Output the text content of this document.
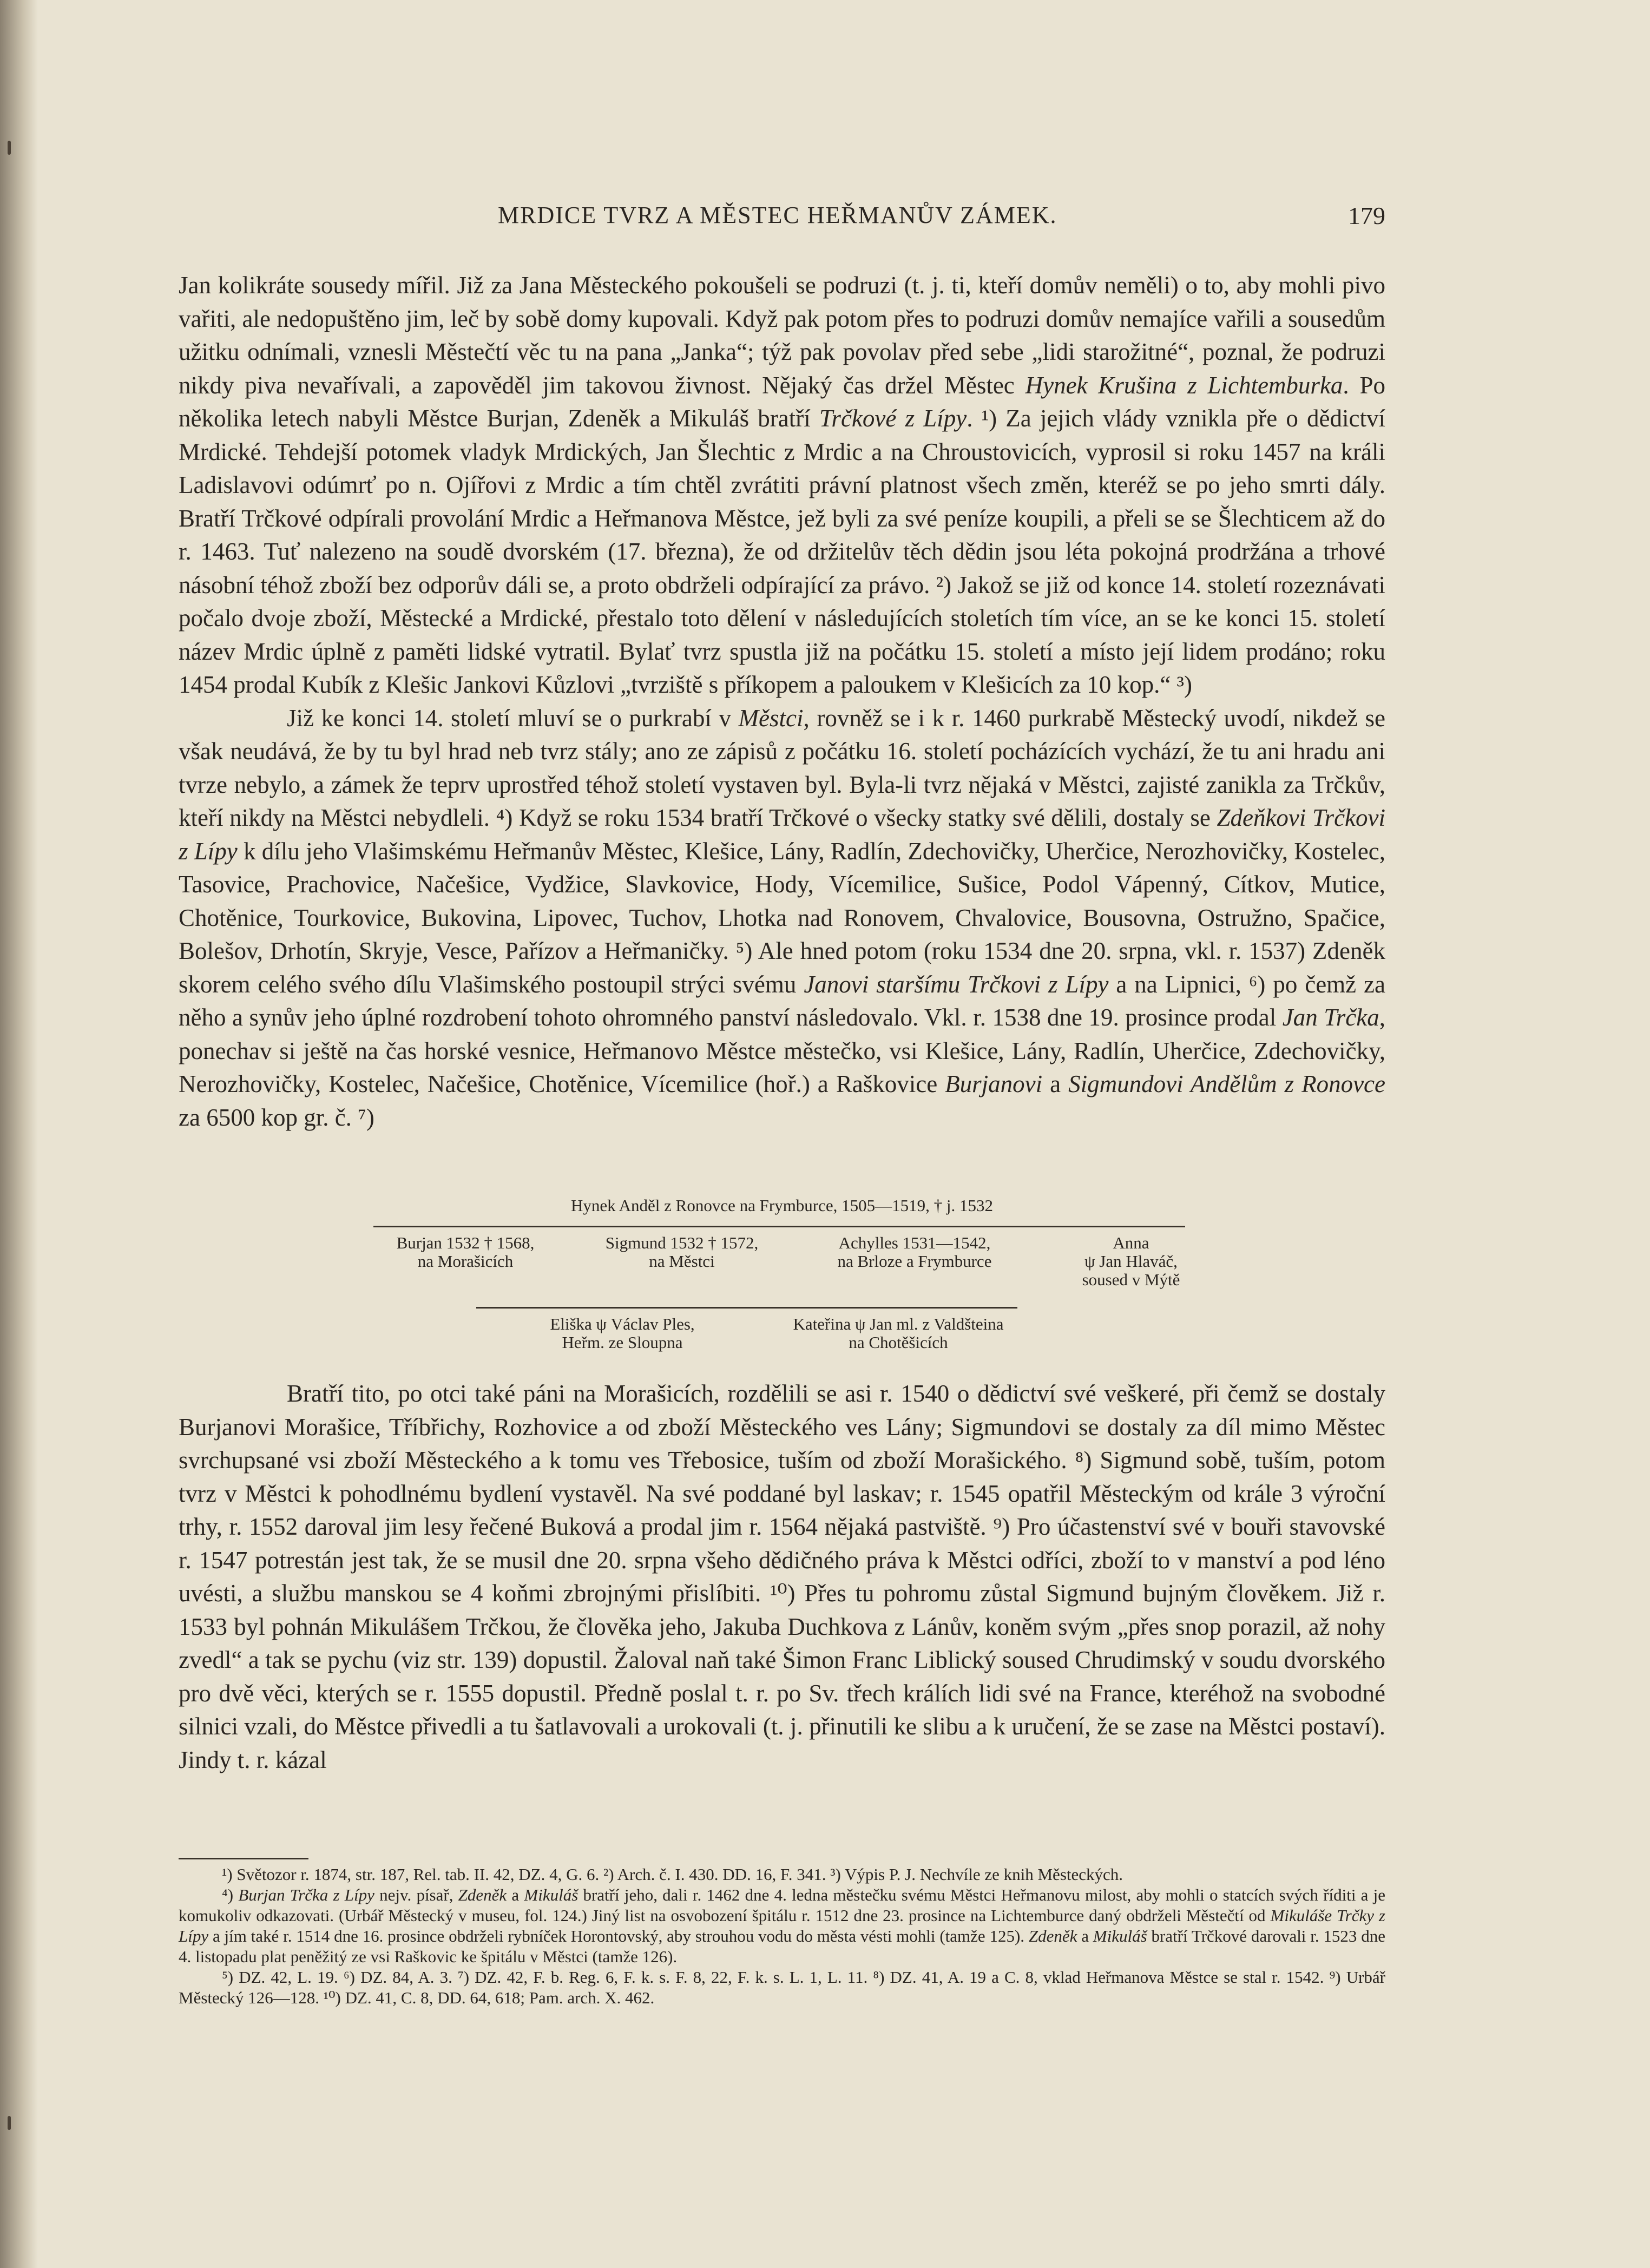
MRDICE TVRZ A MĚSTEC HEŘMANŮV ZÁMEK.	179

Jan kolikráte sousedy mířil. Již za Jana Městeckého pokoušeli se podruzi (t. j. ti, kteří domův neměli) o to, aby mohli pivo vařiti, ale nedopuštěno jim, leč by sobě domy kupovali. Když pak potom přes to podruzi domův nemajíce vařili a sousedům užitku odnímali, vznesli Městečtí věc tu na pana „Janka“; týž pak povolav před sebe „lidi starožitné“, poznal, že podruzi nikdy piva nevařívali, a zapověděl jim takovou živnost. Nějaký čas držel Městec Hynek Krušina z Lichtemburka. Po několika letech nabyli Městce Burjan, Zdeněk a Mikuláš bratří Trčkové z Lípy. ¹) Za jejich vlády vznikla pře o dědictví Mrdické. Tehdejší potomek vladyk Mrdických, Jan Šlechtic z Mrdic a na Chroustovicích, vyprosil si roku 1457 na králi Ladislavovi odúmrť po n. Ojířovi z Mrdic a tím chtěl zvrátiti právní platnost všech změn, kteréž se po jeho smrti dály. Bratří Trčkové odpírali provolání Mrdic a Heřmanova Městce, jež byli za své peníze koupili, a přeli se se Šlechticem až do r. 1463. Tuť nalezeno na soudě dvorském (17. března), že od držitelův těch dědin jsou léta pokojná prodržána a trhové násobní téhož zboží bez odporův dáli se, a proto obdrželi odpírající za právo. ²) Jakož se již od konce 14. století rozeznávati počalo dvoje zboží, Městecké a Mrdické, přestalo toto dělení v následujících stoletích tím více, an se ke konci 15. století název Mrdic úplně z paměti lidské vytratil. Bylať tvrz spustla již na počátku 15. století a místo její lidem prodáno; roku 1454 prodal Kubík z Klešic Jankovi Kůzlovi „tvrziště s příkopem a paloukem v Klešicích za 10 kop.“ ³)

Již ke konci 14. století mluví se o purkrabí v Městci, rovněž se i k r. 1460 purkrabě Městecký uvodí, nikdež se však neudává, že by tu byl hrad neb tvrz stály; ano ze zápisů z počátku 16. století pocházících vychází, že tu ani hradu ani tvrze nebylo, a zámek že teprv uprostřed téhož století vystaven byl. Byla-li tvrz nějaká v Městci, zajisté zanikla za Trčkův, kteří nikdy na Městci nebydleli. ⁴) Když se roku 1534 bratří Trčkové o všecky statky své dělili, dostaly se Zdeňkovi Trčkovi z Lípy k dílu jeho Vlašimskému Heřmanův Městec, Klešice, Lány, Radlín, Zdechovičky, Uherčice, Nerozhovičky, Kostelec, Tasovice, Prachovice, Načešice, Vydžice, Slavkovice, Hody, Vícemilice, Sušice, Podol Vápenný, Cítkov, Mutice, Chotěnice, Tourkovice, Bukovina, Lipovec, Tuchov, Lhotka nad Ronovem, Chvalovice, Bousovna, Ostružno, Spačice, Bolešov, Drhotín, Skryje, Vesce, Pařízov a Heřmaničky. ⁵) Ale hned potom (roku 1534 dne 20. srpna, vkl. r. 1537) Zdeněk skorem celého svého dílu Vlašimského postoupil strýci svému Janovi staršímu Trčkovi z Lípy a na Lipnici, ⁶) po čemž za něho a synův jeho úplné rozdrobení tohoto ohromného panství následovalo. Vkl. r. 1538 dne 19. prosince prodal Jan Trčka, ponechav si ještě na čas horské vesnice, Heřmanovo Městce městečko, vsi Klešice, Lány, Radlín, Uherčice, Zdechovičky, Nerozhovičky, Kostelec, Načešice, Chotěnice, Vícemilice (hoř.) a Raškovice Burjanovi a Sigmundovi Andělům z Ronovce za 6500 kop gr. č. ⁷)

Hynek Anděl z Ronovce na Frymburce, 1505—1519, † j. 1532
Burjan 1532 † 1568,
na Morašicích
Sigmund 1532 † 1572,
na Městci
Achylles 1531—1542,
na Brloze a Frymburce
Anna
ψ Jan Hlaváč,
soused v Mýtě
Eliška ψ Václav Ples,
Heřm. ze Sloupna
Kateřina ψ Jan ml. z Valdšteina
na Chotěšicích

Bratří tito, po otci také páni na Morašicích, rozdělili se asi r. 1540 o dědictví své veškeré, při čemž se dostaly Burjanovi Morašice, Tříbřichy, Rozhovice a od zboží Městeckého ves Lány; Sigmundovi se dostaly za díl mimo Městec svrchupsané vsi zboží Městeckého a k tomu ves Třebosice, tuším od zboží Morašického. ⁸) Sigmund sobě, tuším, potom tvrz v Městci k pohodlnému bydlení vystavěl. Na své poddané byl laskav; r. 1545 opatřil Městeckým od krále 3 výroční trhy, r. 1552 daroval jim lesy řečené Buková a prodal jim r. 1564 nějaká pastviště. ⁹) Pro účastenství své v bouři stavovské r. 1547 potrestán jest tak, že se musil dne 20. srpna všeho dědičného práva k Městci odříci, zboží to v manství a pod léno uvésti, a službu manskou se 4 koňmi zbrojnými přislíbiti. ¹⁰) Přes tu pohromu zůstal Sigmund bujným člověkem. Již r. 1533 byl pohnán Mikulášem Trčkou, že člověka jeho, Jakuba Duchkova z Lánův, koněm svým „přes snop porazil, až nohy zvedl“ a tak se pychu (viz str. 139) dopustil. Žaloval naň také Šimon Franc Liblický soused Chrudimský v soudu dvorského pro dvě věci, kterých se r. 1555 dopustil. Předně poslal t. r. po Sv. třech králích lidi své na France, kteréhož na svobodné silnici vzali, do Městce přivedli a tu šatlavovali a urokovali (t. j. přinutili ke slibu a k uručení, že se zase na Městci postaví). Jindy t. r. kázal

¹) Světozor r. 1874, str. 187, Rel. tab. II. 42, DZ. 4, G. 6. ²) Arch. č. I. 430. DD. 16, F. 341. ³) Výpis P. J. Nechvíle ze knih Městeckých.

⁴) Burjan Trčka z Lípy nejv. písař, Zdeněk a Mikuláš bratří jeho, dali r. 1462 dne 4. ledna městečku svému Městci Heřmanovu milost, aby mohli o statcích svých říditi a je komukoliv odkazovati. (Urbář Městecký v museu, fol. 124.) Jiný list na osvobození špitálu r. 1512 dne 23. prosince na Lichtemburce daný obdrželi Městečtí od Mikuláše Trčky z Lípy a jím také r. 1514 dne 16. prosince obdrželi rybníček Horontovský, aby strouhou vodu do města vésti mohli (tamže 125). Zdeněk a Mikuláš bratří Trčkové darovali r. 1523 dne 4. listopadu plat peněžitý ze vsi Raškovic ke špitálu v Městci (tamže 126).

⁵) DZ. 42, L. 19. ⁶) DZ. 84, A. 3. ⁷) DZ. 42, F. b. Reg. 6, F. k. s. F. 8, 22, F. k. s. L. 1, L. 11. ⁸) DZ. 41, A. 19 a C. 8, vklad Heřmanova Městce se stal r. 1542. ⁹) Urbář Městecký 126—128. ¹⁰) DZ. 41, C. 8, DD. 64, 618; Pam. arch. X. 462.
